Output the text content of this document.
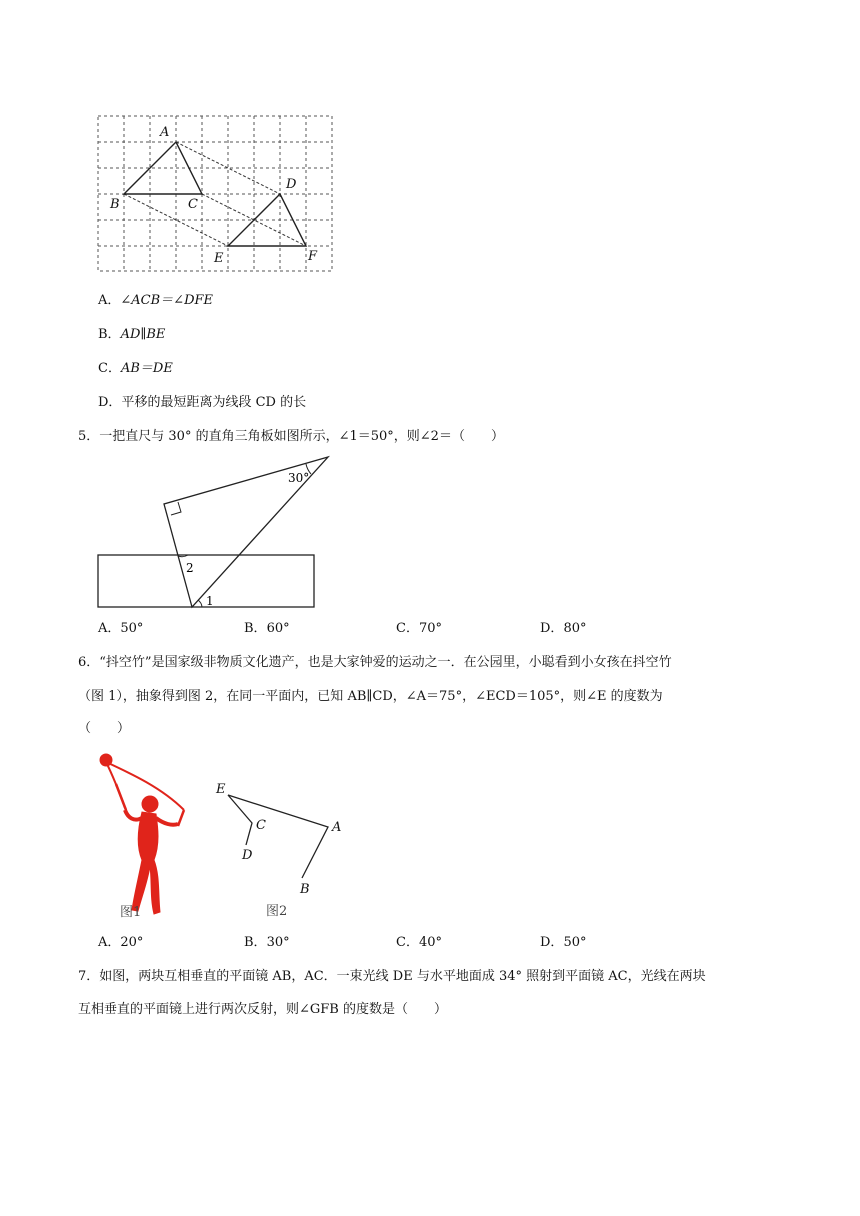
A
B	C
D
E	F
A．∠ACB＝∠DFE
B．AD∥BE
C．AB＝DE
D．平移的最短距离为线段 CD 的长
5．一把直尺与 30° 的直角三角板如图所示，∠1＝50°，则∠2＝（　　）
30°
1
2
A．50°	B．60°	C．70°	D．80°
6．“抖空竹”是国家级非物质文化遗产，也是大家钟爱的运动之一．在公园里，小聪看到小女孩在抖空竹
（图 1），抽象得到图 2，在同一平面内，已知 AB∥CD，∠A＝75°，∠ECD＝105°，则∠E 的度数为
（　　）
图1
E
C	A
D
B
图2
A．20°	B．30°	C．40°	D．50°
7．如图，两块互相垂直的平面镜 AB，AC．一束光线 DE 与水平地面成 34° 照射到平面镜 AC，光线在两块
互相垂直的平面镜上进行两次反射，则∠GFB 的度数是（　　）
